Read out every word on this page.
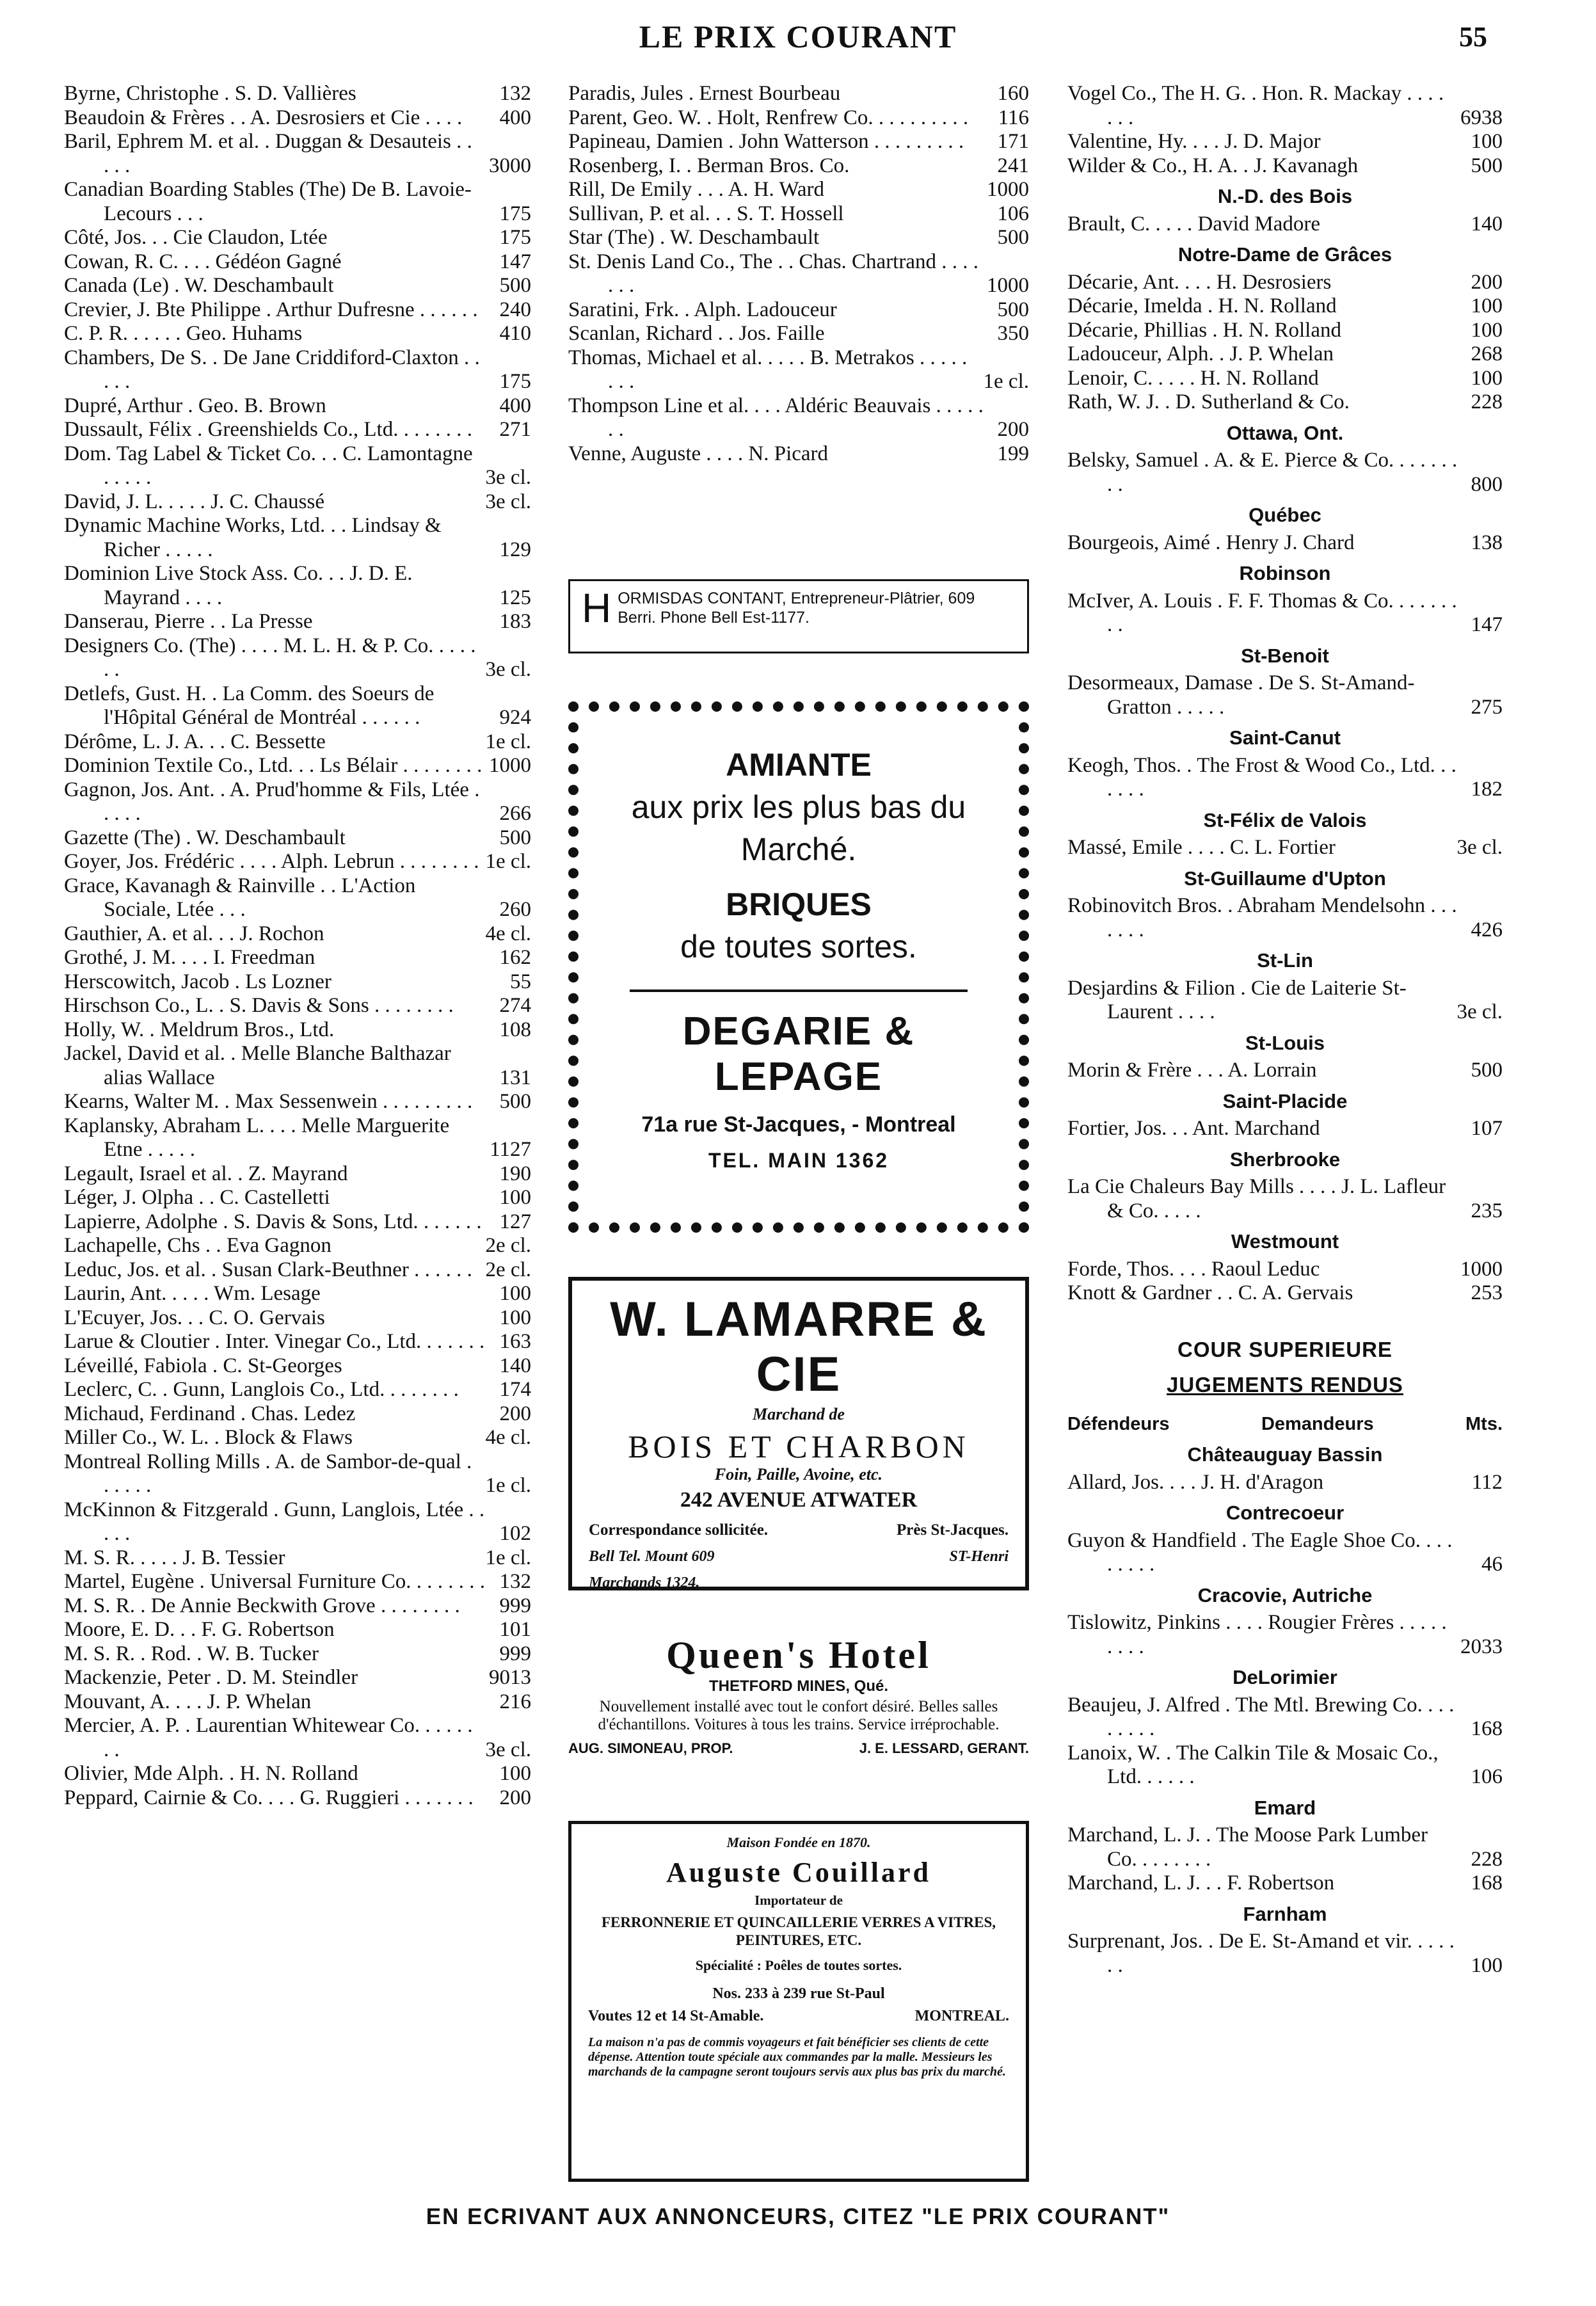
LE PRIX COURANT	55
Byrne, Christophe . S. D. Vallières	132
Beaudoin & Frères . . A. Desrosiers et Cie . . . .	400
Baril, Ephrem M. et al. . Duggan & Desauteis . . . . .	3000
Canadian Boarding Stables (The) De B. Lavoie-Lecours . . .	175
Côté, Jos. . . Cie Claudon, Ltée	175
Cowan, R. C. . . . Gédéon Gagné	147
Canada (Le) . W. Deschambault	500
Crevier, J. Bte Philippe . Arthur Dufresne . . . . . .	240
C. P. R. . . . . . Geo. Huhams	410
Chambers, De S. . De Jane Criddiford-Claxton . . . . .	175
Dupré, Arthur . Geo. B. Brown	400
Dussault, Félix . Greenshields Co., Ltd. . . . . . . .	271
Dom. Tag Label & Ticket Co. . . C. Lamontagne . . . . .	3e cl.
David, J. L. . . . . J. C. Chaussé	3e cl.
Dynamic Machine Works, Ltd. . . Lindsay & Richer . . . . .	129
Dominion Live Stock Ass. Co. . . J. D. E. Mayrand . . . .	125
Danserau, Pierre . . La Presse	183
Designers Co. (The) . . . . M. L. H. & P. Co. . . . . . .	3e cl.
Detlefs, Gust. H. . La Comm. des Soeurs de l'Hôpital Général de Montréal . . . . . .	924
Dérôme, L. J. A. . . C. Bessette	1e cl.
Dominion Textile Co., Ltd. . . Ls Bélair . . . . . . . . 1000
Gagnon, Jos. Ant. . A. Prud'homme & Fils, Ltée . . . . .	266
Gazette (The) . W. Deschambault	500
Goyer, Jos. Frédéric . . . . Alph. Lebrun . . . . . . . . 1e cl.
Grace, Kavanagh & Rainville . . L'Action Sociale, Ltée . . .	260
Gauthier, A. et al. . . J. Rochon	4e cl.
Grothé, J. M. . . . I. Freedman	162
Herscowitch, Jacob . Ls Lozner	55
Hirschson Co., L. . S. Davis & Sons . . . . . . . .	274
Holly, W. . Meldrum Bros., Ltd.	108
Jackel, David et al. . Melle Blanche Balthazar alias Wallace	131
Kearns, Walter M. . Max Sessenwein . . . . . . . . .	500
Kaplansky, Abraham L. . . . Melle Marguerite Etne . . . . .	1127
Legault, Israel et al. . Z. Mayrand	190
Léger, J. Olpha . . C. Castelletti	100
Lapierre, Adolphe . S. Davis & Sons, Ltd. . . . . . . 127
Lachapelle, Chs . . Eva Gagnon	2e cl.
Leduc, Jos. et al. . Susan Clark-Beuthner . . . . . . 2e cl.
Laurin, Ant. . . . . Wm. Lesage	100
L'Ecuyer, Jos. . . C. O. Gervais	100
Larue & Cloutier . Inter. Vinegar Co., Ltd. . . . . . . 163
Léveillé, Fabiola . C. St-Georges	140
Leclerc, C. . Gunn, Langlois Co., Ltd. . . . . . . .	174
Michaud, Ferdinand . Chas. Ledez	200
Miller Co., W. L. . Block & Flaws	4e cl.
Montreal Rolling Mills . A. de Sambor-de-qual . . . . . .	1e cl.
McKinnon & Fitzgerald . Gunn, Langlois, Ltée . . . . .	102
M. S. R. . . . . J. B. Tessier	1e cl.
Martel, Eugène . Universal Furniture Co. . . . . . . . 132
M. S. R. . De Annie Beckwith Grove . . . . . . . .	999
Moore, E. D. . . F. G. Robertson	101
M. S. R. . Rod. . W. B. Tucker	999
Mackenzie, Peter . D. M. Steindler	9013
Mouvant, A. . . . J. P. Whelan	216
Mercier, A. P. . Laurentian Whitewear Co. . . . . . . .	3e cl.
Olivier, Mde Alph. . H. N. Rolland	100
Peppard, Cairnie & Co. . . . G. Ruggieri . . . . . . .	200
Paradis, Jules . Ernest Bourbeau	160
Parent, Geo. W. . Holt, Renfrew Co. . . . . . . . . .	116
Papineau, Damien . John Watterson . . . . . . . . .	171
Rosenberg, I. . Berman Bros. Co.	241
Rill, De Emily . . . A. H. Ward	1000
Sullivan, P. et al. . . S. T. Hossell	106
Star (The) . W. Deschambault	500
St. Denis Land Co., The . . Chas. Chartrand . . . . . . .	1000
Saratini, Frk. . Alph. Ladouceur	500
Scanlan, Richard . . Jos. Faille	350
Thomas, Michael et al. . . . . B. Metrakos . . . . . . . .	1e cl.
Thompson Line et al. . . . Aldéric Beauvais . . . . . . .	200
Venne, Auguste . . . . N. Picard	199
Vogel Co., The H. G. . Hon. R. Mackay . . . . . . .	6938
Valentine, Hy. . . . J. D. Major	100
Wilder & Co., H. A. . J. Kavanagh	500
N.-D. des Bois
Brault, C. . . . . David Madore	140
Notre-Dame de Grâces
Décarie, Ant. . . . H. Desrosiers	200
Décarie, Imelda . H. N. Rolland	100
Décarie, Phillias . H. N. Rolland	100
Ladouceur, Alph. . J. P. Whelan	268
Lenoir, C. . . . . H. N. Rolland	100
Rath, W. J. . D. Sutherland & Co.	228
Ottawa, Ont.
Belsky, Samuel . A. & E. Pierce & Co. . . . . . . . .	800
Québec
Bourgeois, Aimé . Henry J. Chard	138
Robinson
McIver, A. Louis . F. F. Thomas & Co. . . . . . . . .	147
St-Benoit
Desormeaux, Damase . De S. St-Amand-Gratton . . . . .	275
Saint-Canut
Keogh, Thos. . The Frost & Wood Co., Ltd. . . . . . .	182
St-Félix de Valois
Massé, Emile . . . . C. L. Fortier	3e cl.
St-Guillaume d'Upton
Robinovitch Bros. . Abraham Mendelsohn . . . . . . .	426
St-Lin
Desjardins & Filion . Cie de Laiterie St-Laurent . . . .	3e cl.
St-Louis
Morin & Frère . . . A. Lorrain	500
Saint-Placide
Fortier, Jos. . . Ant. Marchand	107
Sherbrooke
La Cie Chaleurs Bay Mills . . . . J. L. Lafleur & Co. . . . .	235
Westmount
Forde, Thos. . . . Raoul Leduc	1000
Knott & Gardner . . C. A. Gervais	253
COUR SUPERIEURE
JUGEMENTS RENDUS
Défendeurs	Demandeurs	Mts.
Châteauguay Bassin
Allard, Jos. . . . J. H. d'Aragon	112
Contrecoeur
Guyon & Handfield . The Eagle Shoe Co. . . . . . . . .	46
Cracovie, Autriche
Tislowitz, Pinkins . . . . Rougier Frères . . . . . . . . .	2033
DeLorimier
Beaujeu, J. Alfred . The Mtl. Brewing Co. . . . . . . . .	168
Lanoix, W. . The Calkin Tile & Mosaic Co., Ltd. . . . . .	106
Emard
Marchand, L. J. . The Moose Park Lumber Co. . . . . . . .	228
Marchand, L. J. . . F. Robertson	168
Farnham
Surprenant, Jos. . De E. St-Amand et vir. . . . . . .	100
H ORMISDAS CONTANT, Entrepreneur-Plâtrier, 609 Berri. Phone Bell Est-1177.
AMIANTE
aux prix les plus bas du Marché.
BRIQUES
de toutes sortes.
DEGARIE & LEPAGE
71a rue St-Jacques, - Montreal
TEL. MAIN 1362
W. LAMARRE & CIE
Marchand de
BOIS ET CHARBON
Foin, Paille, Avoine, etc.
242 AVENUE ATWATER
Correspondance sollicitée.	Près St-Jacques.
Bell Tel. Mount 609	ST-Henri
Marchands 1324.
Queen's Hotel
THETFORD MINES, Qué.
Nouvellement installé avec tout le confort désiré. Belles salles d'échantillons. Voitures à tous les trains. Service irréprochable.
AUG. SIMONEAU, PROP.	J. E. LESSARD, GERANT.
Maison Fondée en 1870.
Auguste Couillard
Importateur de
FERRONNERIE ET QUINCAILLERIE VERRES A VITRES, PEINTURES, ETC.
Spécialité : Poêles de toutes sortes.
Nos. 233 à 239 rue St-Paul
Voutes 12 et 14 St-Amable.	MONTREAL.
La maison n'a pas de commis voyageurs et fait bénéficier ses clients de cette dépense. Attention toute spéciale aux commandes par la malle. Messieurs les marchands de la campagne seront toujours servis aux plus bas prix du marché.
EN ECRIVANT AUX ANNONCEURS, CITEZ "LE PRIX COURANT"
